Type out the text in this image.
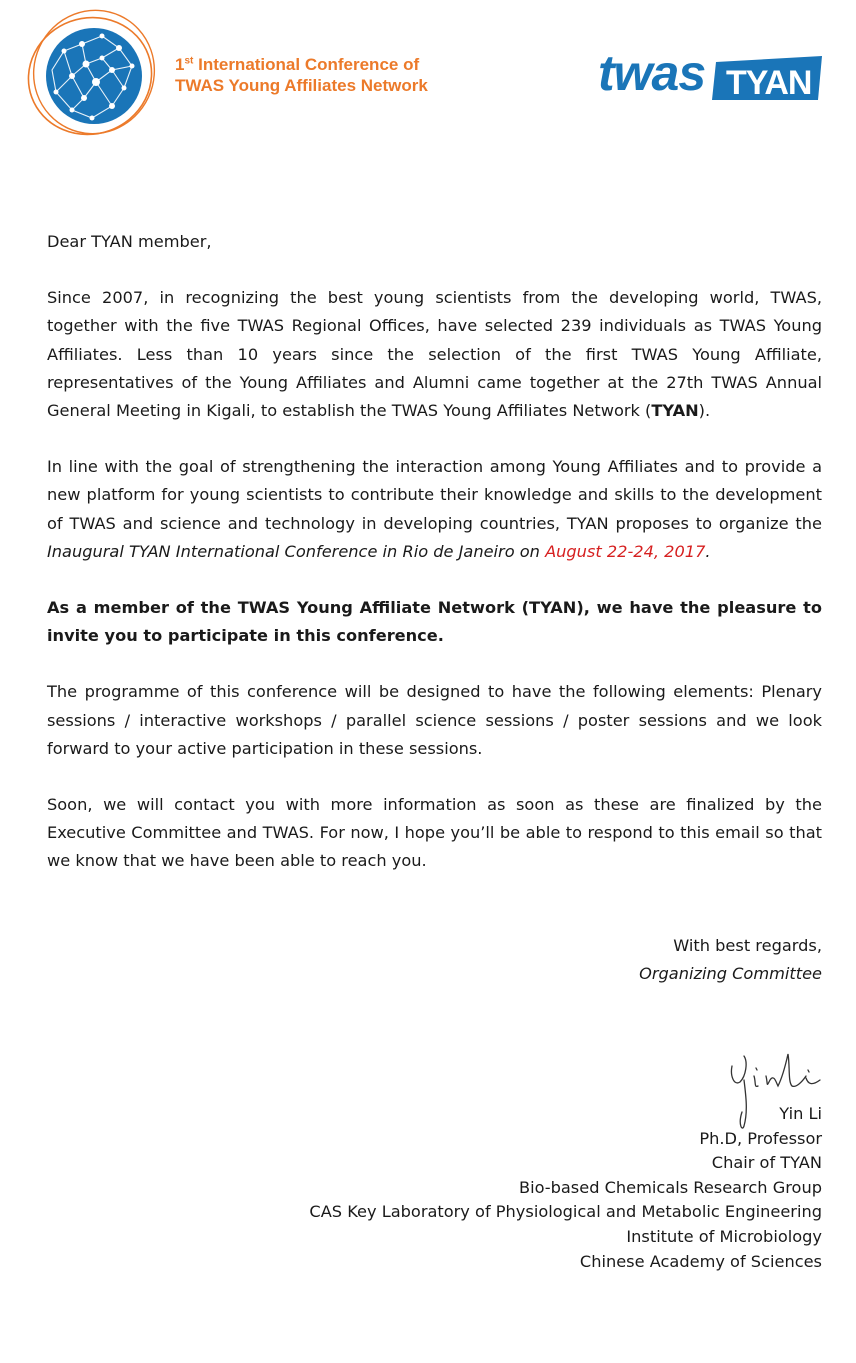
1st International Conference of
TWAS Young Affiliates Network	twas TYAN

Dear TYAN member,

Since 2007, in recognizing the best young scientists from the developing world, TWAS, together with the five TWAS Regional Offices, have selected 239 individuals as TWAS Young Affiliates. Less than 10 years since the selection of the first TWAS Young Affiliate, representatives of the Young Affiliates and Alumni came together at the 27th TWAS Annual General Meeting in Kigali, to establish the TWAS Young Affiliates Network (TYAN).

In line with the goal of strengthening the interaction among Young Affiliates and to provide a new platform for young scientists to contribute their knowledge and skills to the development of TWAS and science and technology in developing countries, TYAN proposes to organize the Inaugural TYAN International Conference in Rio de Janeiro on August 22-24, 2017.

As a member of the TWAS Young Affiliate Network (TYAN), we have the pleasure to invite you to participate in this conference.

The programme of this conference will be designed to have the following elements: Plenary sessions / interactive workshops / parallel science sessions / poster sessions and we look forward to your active participation in these sessions.

Soon, we will contact you with more information as soon as these are finalized by the Executive Committee and TWAS. For now, I hope you’ll be able to respond to this email so that we know that we have been able to reach you.

With best regards,
Organizing Committee
Yin Li
Ph.D, Professor
Chair of TYAN
Bio-based Chemicals Research Group
CAS Key Laboratory of Physiological and Metabolic Engineering
Institute of Microbiology
Chinese Academy of Sciences
